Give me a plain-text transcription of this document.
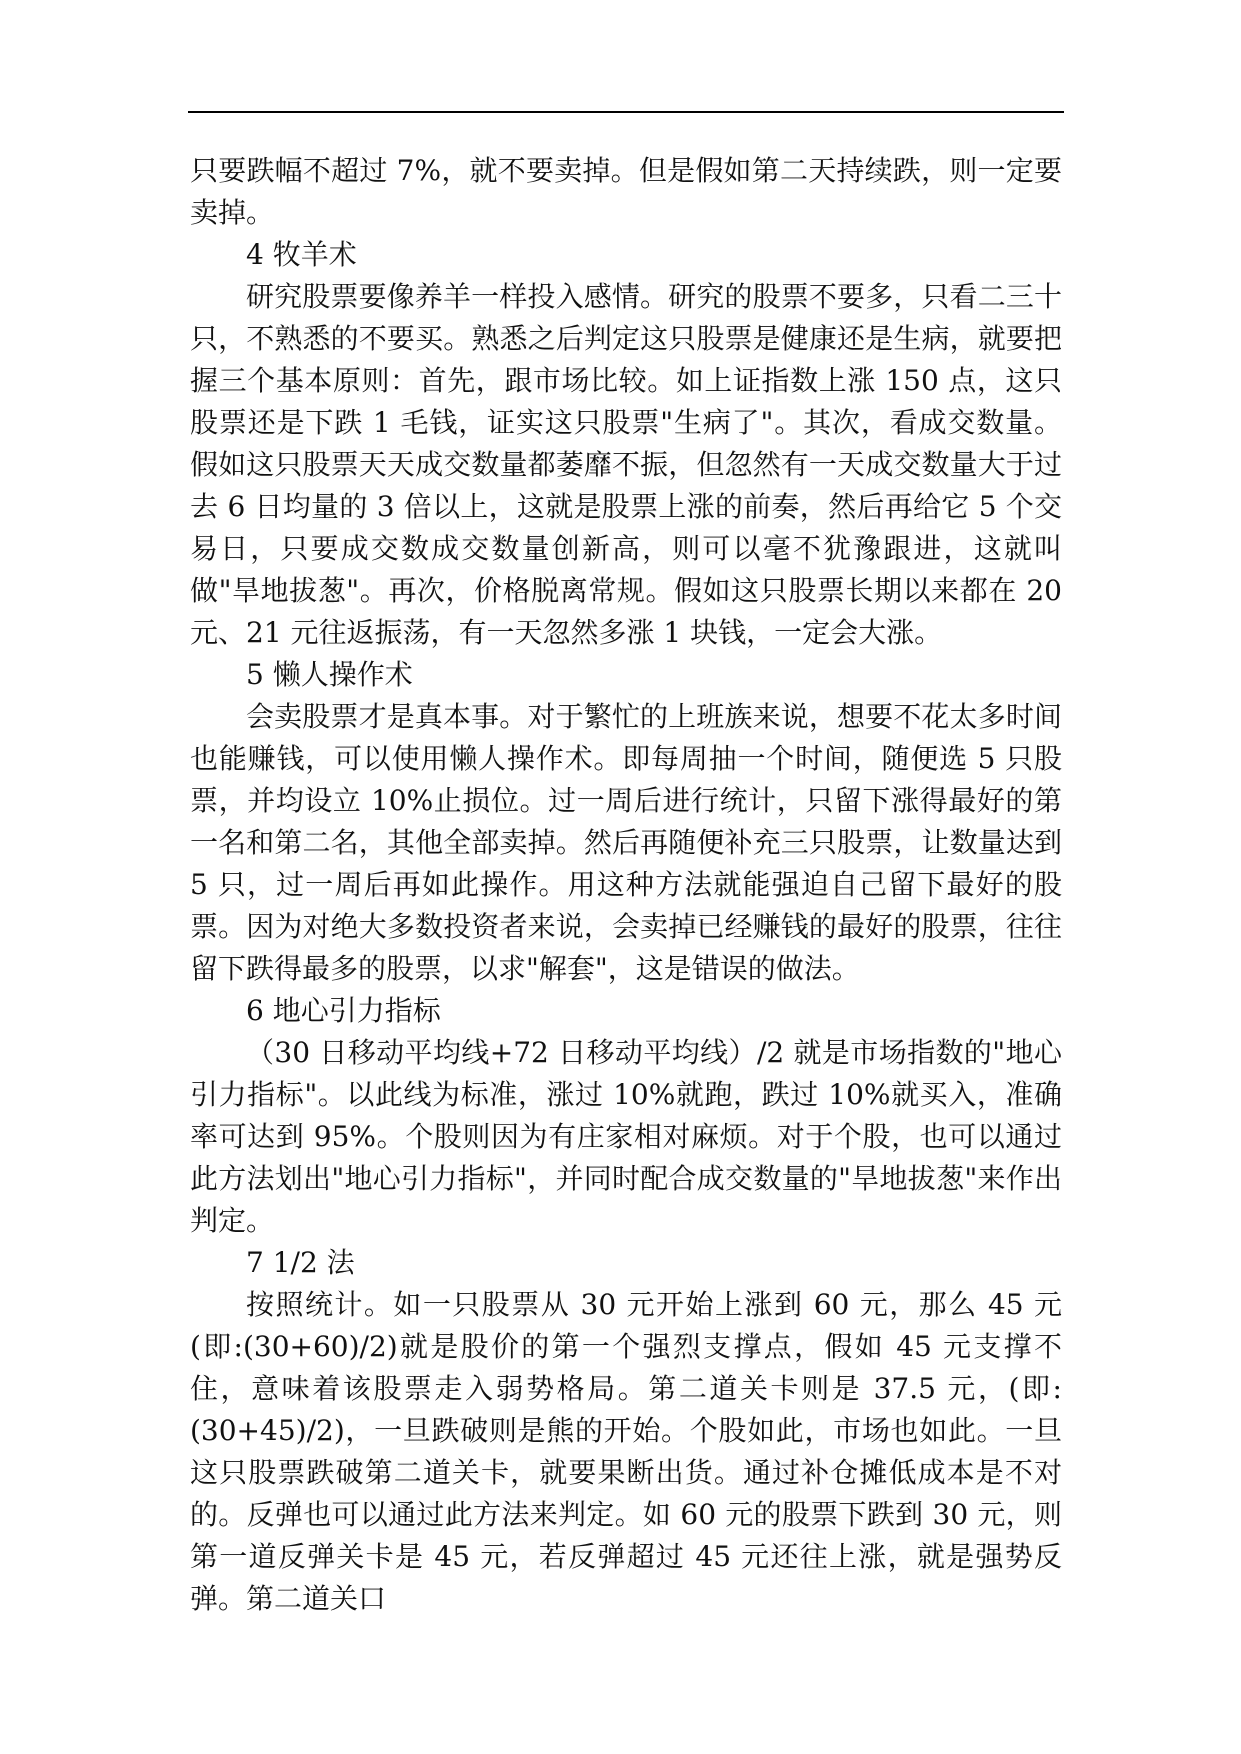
只要跌幅不超过 7%，就不要卖掉。但是假如第二天持续跌，则一定要卖掉。

4 牧羊术

研究股票要像养羊一样投入感情。研究的股票不要多，只看二三十只，不熟悉的不要买。熟悉之后判定这只股票是健康还是生病，就要把握三个基本原则：首先，跟市场比较。如上证指数上涨 150 点，这只股票还是下跌 1 毛钱，证实这只股票"生病了"。其次，看成交数量。假如这只股票天天成交数量都萎靡不振，但忽然有一天成交数量大于过去 6 日均量的 3 倍以上，这就是股票上涨的前奏，然后再给它 5 个交易日，只要成交数成交数量创新高，则可以毫不犹豫跟进，这就叫做"旱地拔葱"。再次，价格脱离常规。假如这只股票长期以来都在 20 元、21 元往返振荡，有一天忽然多涨 1 块钱，一定会大涨。

5 懒人操作术

会卖股票才是真本事。对于繁忙的上班族来说，想要不花太多时间也能赚钱，可以使用懒人操作术。即每周抽一个时间，随便选 5 只股票，并均设立 10%止损位。过一周后进行统计，只留下涨得最好的第一名和第二名，其他全部卖掉。然后再随便补充三只股票，让数量达到 5 只，过一周后再如此操作。用这种方法就能强迫自己留下最好的股票。因为对绝大多数投资者来说，会卖掉已经赚钱的最好的股票，往往留下跌得最多的股票，以求"解套"，这是错误的做法。

6 地心引力指标

（30 日移动平均线+72 日移动平均线）/2 就是市场指数的"地心引力指标"。以此线为标准，涨过 10%就跑，跌过 10%就买入，准确率可达到 95%。个股则因为有庄家相对麻烦。对于个股，也可以通过此方法划出"地心引力指标"，并同时配合成交数量的"旱地拔葱"来作出判定。

7 1/2 法

按照统计。如一只股票从 30 元开始上涨到 60 元，那么 45 元(即:(30+60)/2)就是股价的第一个强烈支撑点，假如 45 元支撑不住，意味着该股票走入弱势格局。第二道关卡则是 37.5 元，(即:(30+45)/2)，一旦跌破则是熊的开始。个股如此，市场也如此。一旦这只股票跌破第二道关卡，就要果断出货。通过补仓摊低成本是不对的。反弹也可以通过此方法来判定。如 60 元的股票下跌到 30 元，则第一道反弹关卡是 45 元，若反弹超过 45 元还往上涨，就是强势反弹。第二道关口
